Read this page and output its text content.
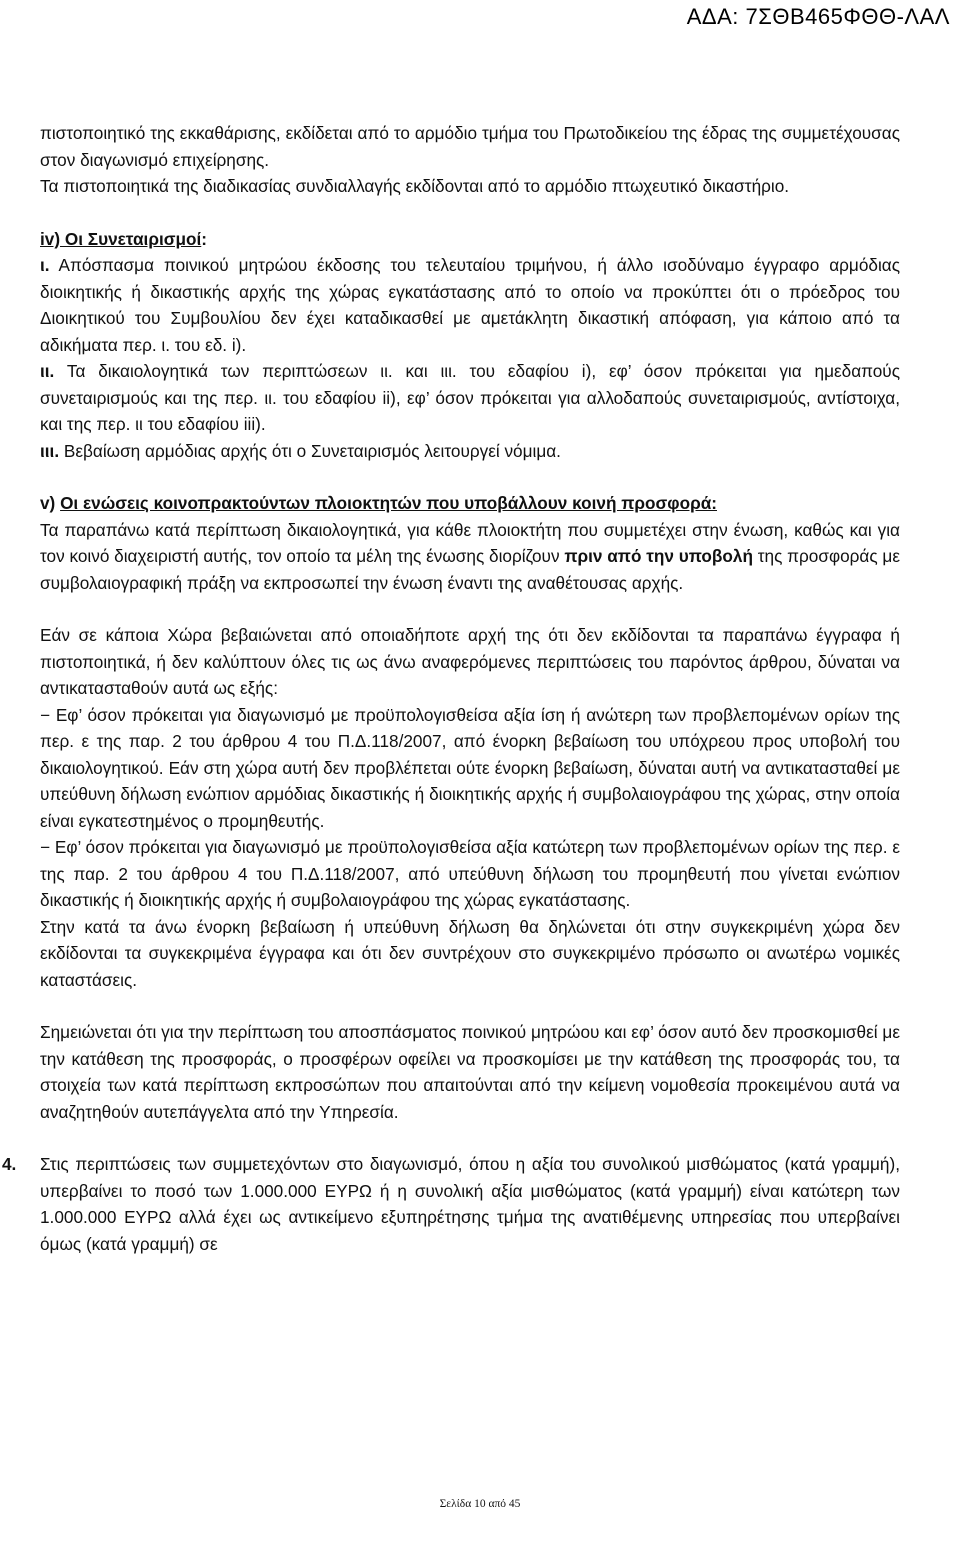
ΑΔΑ: 7ΣΘΒ465ΦΘΘ-ΛΑΛ

πιστοποιητικό της εκκαθάρισης, εκδίδεται από το αρμόδιο τμήμα του Πρωτοδικείου της έδρας της συμμετέχουσας στον διαγωνισμό επιχείρησης.

Τα πιστοποιητικά της διαδικασίας συνδιαλλαγής εκδίδονται από το αρμόδιο πτωχευτικό δικαστήριο.

iv) Οι Συνεταιρισμοί:

ι. Απόσπασμα ποινικού μητρώου έκδοσης του τελευταίου τριμήνου, ή άλλο ισοδύναμο έγγραφο αρμόδιας διοικητικής ή δικαστικής αρχής της χώρας εγκατάστασης από το οποίο να προκύπτει ότι ο πρόεδρος του Διοικητικού του Συμβουλίου δεν έχει καταδικασθεί με αμετάκλητη δικαστική απόφαση, για κάποιο από τα αδικήματα περ. ι. του εδ. i).

ιι. Τα δικαιολογητικά των περιπτώσεων ιι. και ιιι. του εδαφίου i), εφ’ όσον πρόκειται για ημεδαπούς συνεταιρισμούς και της περ. ιι. του εδαφίου ii), εφ’ όσον πρόκειται για αλλοδαπούς συνεταιρισμούς, αντίστοιχα, και της περ. ιι του εδαφίου iii).

ιιι. Βεβαίωση αρμόδιας αρχής ότι ο Συνεταιρισμός λειτουργεί νόμιμα.

v) Οι ενώσεις κοινοπρακτούντων πλοιοκτητών που υποβάλλουν κοινή προσφορά:

Τα παραπάνω κατά περίπτωση δικαιολογητικά, για κάθε πλοιοκτήτη που συμμετέχει στην ένωση, καθώς και για τον κοινό διαχειριστή αυτής, τον οποίο τα μέλη της ένωσης διορίζουν πριν από την υποβολή της προσφοράς με συμβολαιογραφική πράξη να εκπροσωπεί την ένωση έναντι της αναθέτουσας αρχής.

Εάν σε κάποια Χώρα βεβαιώνεται από οποιαδήποτε αρχή της ότι δεν εκδίδονται τα παραπάνω έγγραφα ή πιστοποιητικά, ή δεν καλύπτουν όλες τις ως άνω αναφερόμενες περιπτώσεις του παρόντος άρθρου, δύναται να αντικατασταθούν αυτά ως εξής:

− Εφ’ όσον πρόκειται για διαγωνισμό με προϋπολογισθείσα αξία ίση ή ανώτερη των προβλεπομένων ορίων της περ. ε της παρ. 2 του άρθρου 4 του Π.Δ.118/2007, από ένορκη βεβαίωση του υπόχρεου προς υποβολή του δικαιολογητικού. Εάν στη χώρα αυτή δεν προβλέπεται ούτε ένορκη βεβαίωση, δύναται αυτή να αντικατασταθεί με υπεύθυνη δήλωση ενώπιον αρμόδιας δικαστικής ή διοικητικής αρχής ή συμβολαιογράφου της χώρας, στην οποία είναι εγκατεστημένος ο προμηθευτής.

− Εφ’ όσον πρόκειται για διαγωνισμό με προϋπολογισθείσα αξία κατώτερη των προβλεπομένων ορίων της περ. ε της παρ. 2 του άρθρου 4 του Π.Δ.118/2007, από υπεύθυνη δήλωση του προμηθευτή που γίνεται ενώπιον δικαστικής ή διοικητικής αρχής ή συμβολαιογράφου της χώρας εγκατάστασης.

Στην κατά τα άνω ένορκη βεβαίωση ή υπεύθυνη δήλωση θα δηλώνεται ότι στην συγκεκριμένη χώρα δεν εκδίδονται τα συγκεκριμένα έγγραφα και ότι δεν συντρέχουν στο συγκεκριμένο πρόσωπο οι ανωτέρω νομικές καταστάσεις.

Σημειώνεται ότι για την περίπτωση του αποσπάσματος ποινικού μητρώου και εφ’ όσον αυτό δεν προσκομισθεί με την κατάθεση της προσφοράς, ο προσφέρων οφείλει να προσκομίσει με την κατάθεση της προσφοράς του, τα στοιχεία των κατά περίπτωση εκπροσώπων που απαιτούνται από την κείμενη νομοθεσία προκειμένου αυτά να αναζητηθούν αυτεπάγγελτα από την Υπηρεσία.

4. Στις περιπτώσεις των συμμετεχόντων στο διαγωνισμό, όπου η αξία του συνολικού μισθώματος (κατά γραμμή), υπερβαίνει το ποσό των 1.000.000 ΕΥΡΩ ή η συνολική αξία μισθώματος (κατά γραμμή) είναι κατώτερη των 1.000.000 ΕΥΡΩ αλλά έχει ως αντικείμενο εξυπηρέτησης τμήμα της ανατιθέμενης υπηρεσίας που υπερβαίνει όμως (κατά γραμμή) σε

Σελίδα 10 από 45
